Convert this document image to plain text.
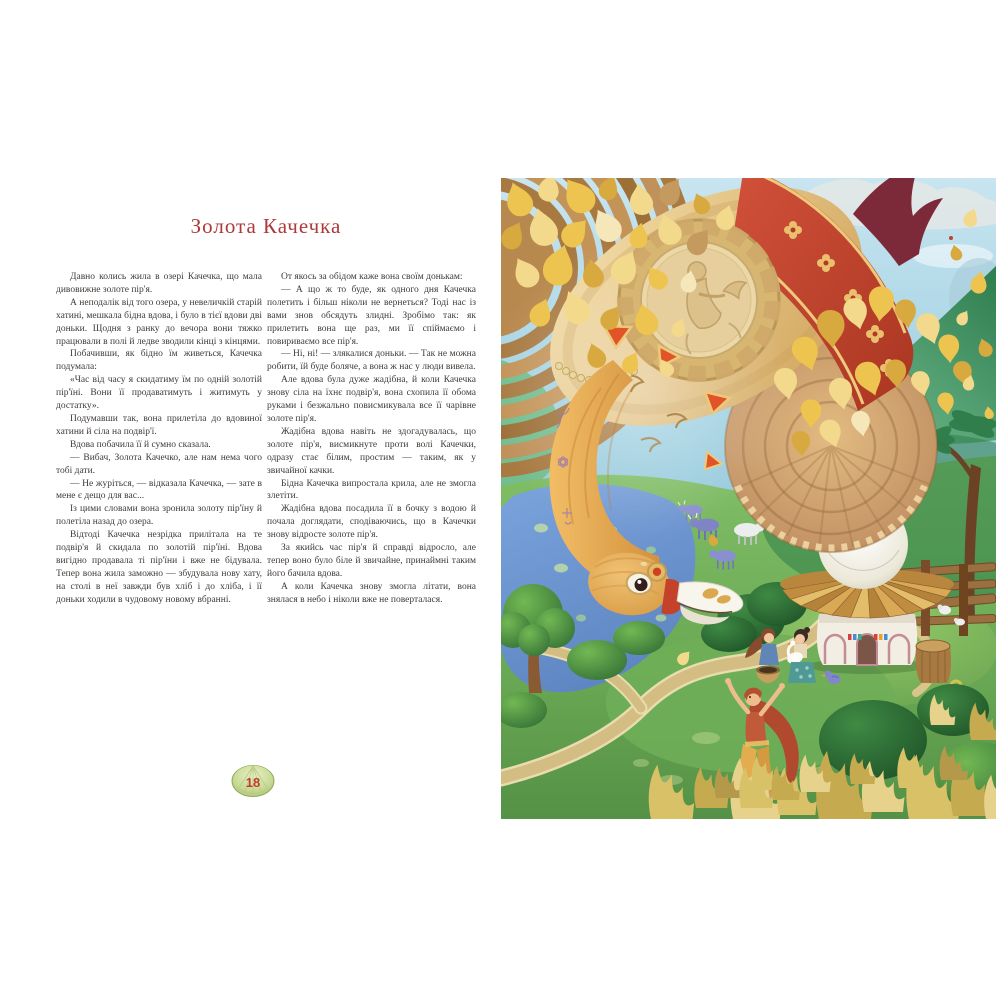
Золота Качечка

Давно колись жила в озері Качечка, що мала дивовижне золоте пір'я.

А неподалік від того озера, у невеличкій старій хатині, мешкала бідна вдова, і було в тієї вдови дві доньки. Щодня з ранку до вечора вони тяжко працювали в полі й ледве зводили кінці з кінцями.

Побачивши, як бідно їм живеться, Качечка подумала:

«Час від часу я скидатиму їм по одній золотій пір'їні. Вони її продаватимуть і житимуть у достатку».

Подумавши так, вона прилетіла до вдовиної хатини й сіла на подвір'ї.

Вдова побачила її й сумно сказала.

— Вибач, Золота Качечко, але нам нема чого тобі дати.

— Не журіться, — відказала Качечка, — зате в мене є дещо для вас...

Із цими словами вона зронила золоту пір'їну й полетіла назад до озера.

Відтоді Качечка незрідка прилітала на те подвір'я й скидала по золотій пір'їні. Вдова вигідно продавала ті пір'їни і вже не бідувала. Тепер вона жила заможно — збудувала нову хату, на столі в неї завжди був хліб і до хліба, і її доньки ходили в чудовому новому вбранні.

От якось за обідом каже вона своїм донькам:

— А що ж то буде, як одного дня Качечка полетить і більш ніколи не вернеться? Тоді нас із вами знов обсядуть злидні. Зробімо так: як прилетить вона ще раз, ми її спіймаємо і повириваємо все пір'я.

— Ні, ні! — злякалися доньки. — Так не можна робити, їй буде боляче, а вона ж нас у люди вивела.

Але вдова була дуже жадібна, й коли Качечка знову сіла на їхнє подвір'я, вона схопила її обома руками і безжально повисмикувала все її чарівне золоте пір'я.

Жадібна вдова навіть не здогадувалась, що золоте пір'я, висмикнуте проти волі Качечки, одразу стає білим, простим — таким, як у звичайної качки.

Бідна Качечка випростала крила, але не змогла злетіти.

Жадібна вдова посадила її в бочку з водою й почала доглядати, сподіваючись, що в Качечки знову відросте золоте пір'я.

За якийсь час пір'я й справді відросло, але тепер воно було біле й звичайне, принаймні таким його бачила вдова.

А коли Качечка знову змогла літати, вона знялася в небо і ніколи вже не поверталася.

18
